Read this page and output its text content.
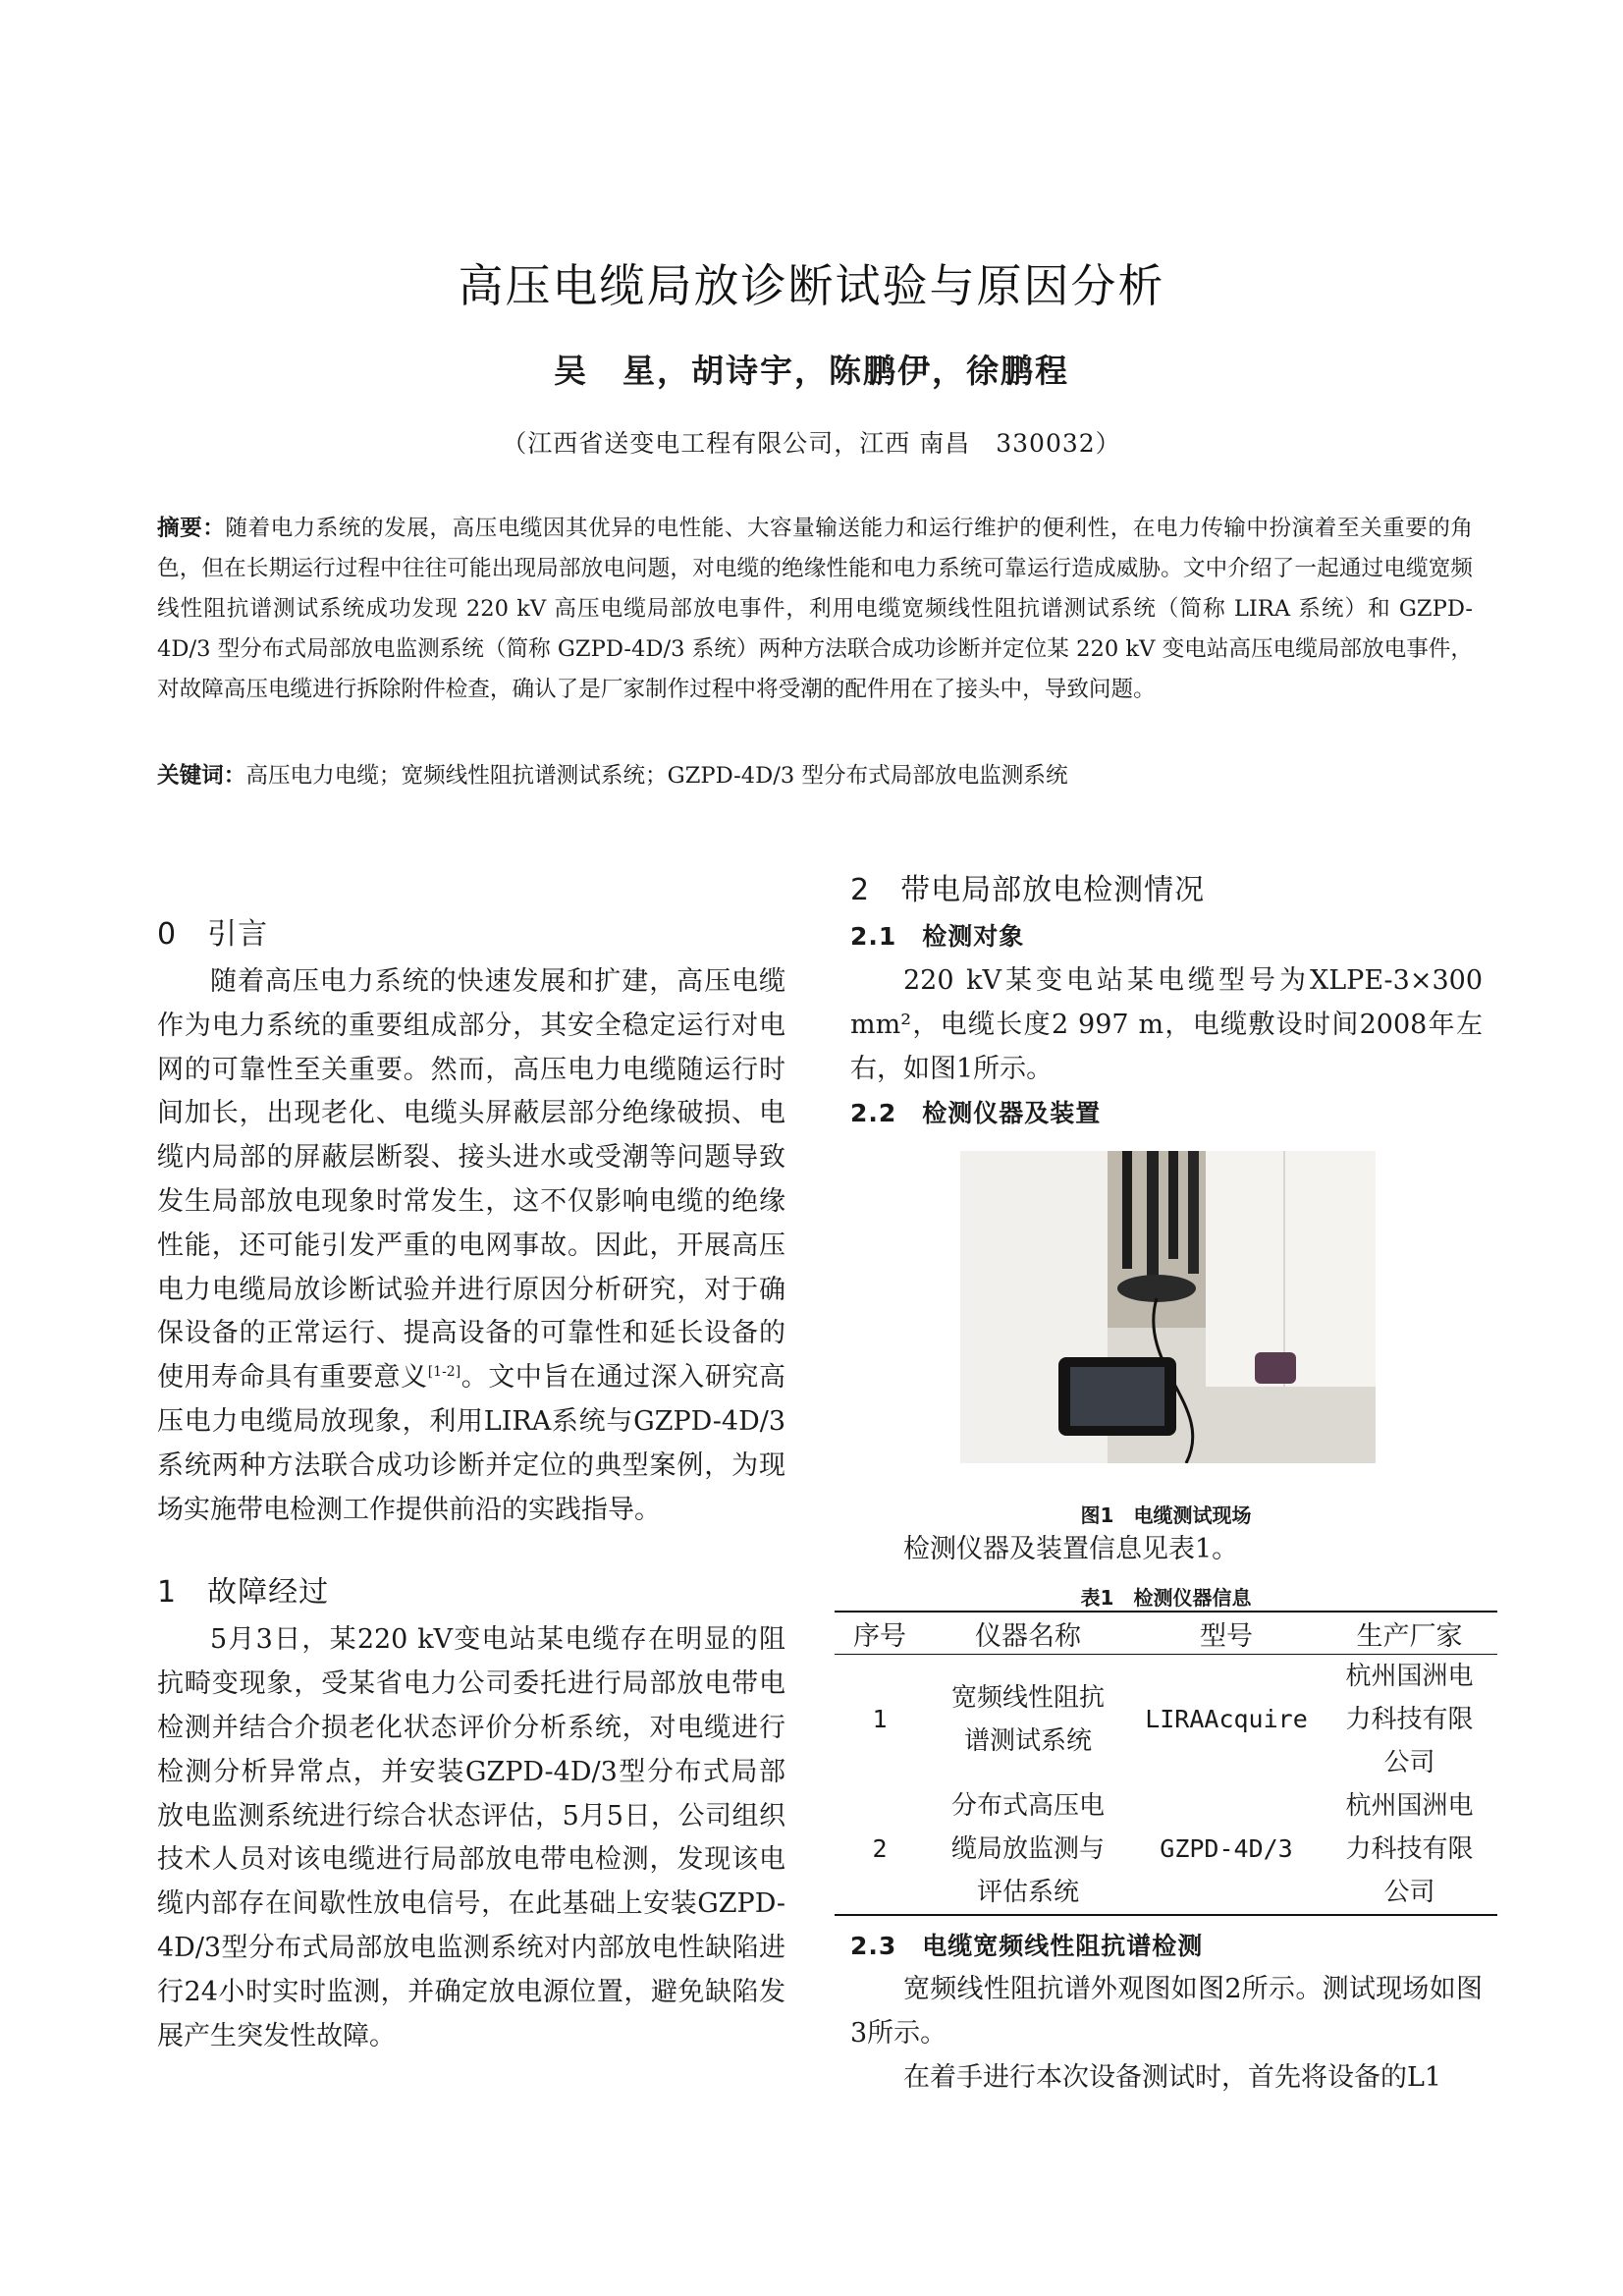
高压电缆局放诊断试验与原因分析
吴　星，胡诗宇，陈鹏伊，徐鹏程
（江西省送变电工程有限公司，江西 南昌　330032）
摘要：随着电力系统的发展，高压电缆因其优异的电性能、大容量输送能力和运行维护的便利性，在电力传输中扮演着至关重要的角色，但在长期运行过程中往往可能出现局部放电问题，对电缆的绝缘性能和电力系统可靠运行造成威胁。文中介绍了一起通过电缆宽频线性阻抗谱测试系统成功发现 220 kV 高压电缆局部放电事件，利用电缆宽频线性阻抗谱测试系统（简称 LIRA 系统）和 GZPD-4D/3 型分布式局部放电监测系统（简称 GZPD-4D/3 系统）两种方法联合成功诊断并定位某 220 kV 变电站高压电缆局部放电事件，对故障高压电缆进行拆除附件检查，确认了是厂家制作过程中将受潮的配件用在了接头中，导致问题。
关键词：高压电力电缆；宽频线性阻抗谱测试系统；GZPD-4D/3 型分布式局部放电监测系统
0　引言

随着高压电力系统的快速发展和扩建，高压电缆作为电力系统的重要组成部分，其安全稳定运行对电网的可靠性至关重要。然而，高压电力电缆随运行时间加长，出现老化、电缆头屏蔽层部分绝缘破损、电缆内局部的屏蔽层断裂、接头进水或受潮等问题导致发生局部放电现象时常发生，这不仅影响电缆的绝缘性能，还可能引发严重的电网事故。因此，开展高压电力电缆局放诊断试验并进行原因分析研究，对于确保设备的正常运行、提高设备的可靠性和延长设备的使用寿命具有重要意义[1-2]。文中旨在通过深入研究高压电力电缆局放现象，利用LIRA系统与GZPD-4D/3系统两种方法联合成功诊断并定位的典型案例，为现场实施带电检测工作提供前沿的实践指导。

1　故障经过

5月3日，某220 kV变电站某电缆存在明显的阻抗畸变现象，受某省电力公司委托进行局部放电带电检测并结合介损老化状态评价分析系统，对电缆进行检测分析异常点，并安装GZPD-4D/3型分布式局部放电监测系统进行综合状态评估，5月5日，公司组织技术人员对该电缆进行局部放电带电检测，发现该电缆内部存在间歇性放电信号，在此基础上安装GZPD-4D/3型分布式局部放电监测系统对内部放电性缺陷进行24小时实时监测，并确定放电源位置，避免缺陷发展产生突发性故障。

2　带电局部放电检测情况
2.1　检测对象

220 kV某变电站某电缆型号为XLPE-3×300 mm²，电缆长度2 997 m，电缆敷设时间2008年左右，如图1所示。

2.2　检测仪器及装置
图1　电缆测试现场

检测仪器及装置信息见表1。

表1　检测仪器信息
序号	仪器名称	型号	生产厂家
1	宽频线性阻抗谱测试系统	LIRAAcquire	杭州国洲电力科技有限公司
2	分布式高压电缆局放监测与评估系统	GZPD-4D/3	杭州国洲电力科技有限公司
2.3　电缆宽频线性阻抗谱检测

宽频线性阻抗谱外观图如图2所示。测试现场如图3所示。

在着手进行本次设备测试时，首先将设备的L1
